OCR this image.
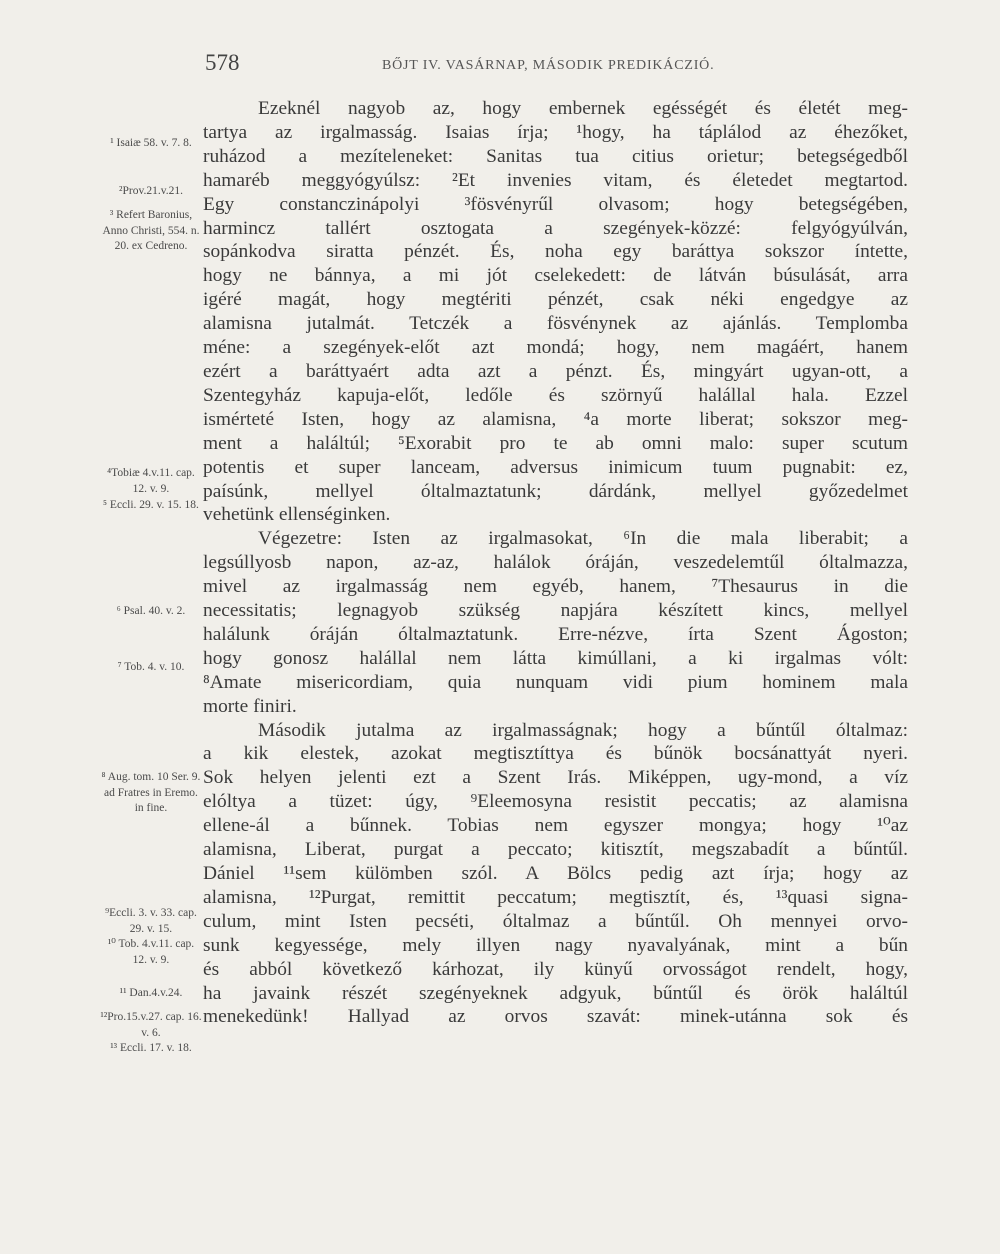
578	BŐJT IV. VASÁRNAP, MÁSODIK PREDIKÁCZIÓ.
¹ Isaiæ 58. v. 7. 8.
²Prov.21.v.21.
³ Refert Baronius, Anno Christi, 554. n. 20. ex Cedreno.
⁴Tobiæ 4.v.11. cap. 12. v. 9.
⁵ Eccli. 29. v. 15. 18.
⁶ Psal. 40. v. 2.
⁷ Tob. 4. v. 10.
⁸ Aug. tom. 10 Ser. 9. ad Fratres in Eremo. in fine.
⁹Eccli. 3. v. 33. cap. 29. v. 15.
¹⁰ Tob. 4.v.11. cap. 12. v. 9.
¹¹ Dan.4.v.24.
¹²Pro.15.v.27. cap. 16. v. 6.
¹³ Eccli. 17. v. 18.
Ezeknél nagyob az, hogy embernek egésségét és életét meg-
tartya az irgalmasság. Isaias írja; ¹hogy, ha táplálod az éhezőket,
ruházod a mezíteleneket: Sanitas tua citius orietur; betegségedből
hamaréb meggyógyúlsz: ²Et invenies vitam, és életedet megtartod.
Egy constanczinápolyi ³fösvényrűl olvasom; hogy betegségében,
harmincz tallért osztogata a szegények-közzé: felgyógyúlván,
sopánkodva siratta pénzét. És, noha egy baráttya sokszor íntette,
hogy ne bánnya, a mi jót cselekedett: de látván búsulását, arra
igéré magát, hogy megtériti pénzét, csak néki engedgye az
alamisna jutalmát. Tetczék a fösvénynek az ajánlás. Templomba
méne: a szegények-előt azt mondá; hogy, nem magáért, hanem
ezért a baráttyaért adta azt a pénzt. És, mingyárt ugyan-ott, a
Szentegyház kapuja-előt, ledőle és szörnyű halállal hala. Ezzel
ismérteté Isten, hogy az alamisna, ⁴a morte liberat; sokszor meg-
ment a haláltúl; ⁵Exorabit pro te ab omni malo: super scutum
potentis et super lanceam, adversus inimicum tuum pugnabit: ez,
paísúnk, mellyel óltalmaztatunk; dárdánk, mellyel győzedelmet
vehetünk ellenséginken.
Végezetre: Isten az irgalmasokat, ⁶In die mala liberabit; a
legsúllyosb napon, az-az, halálok óráján, veszedelemtűl óltalmazza,
mivel az irgalmasság nem egyéb, hanem, ⁷Thesaurus in die
necessitatis; legnagyob szükség napjára készített kincs, mellyel
halálunk óráján óltalmaztatunk. Erre-nézve, írta Szent Ágoston;
hogy gonosz halállal nem látta kimúllani, a ki irgalmas vólt:
⁸Amate misericordiam, quia nunquam vidi pium hominem mala
morte finiri.
Második jutalma az irgalmasságnak; hogy a bűntűl óltalmaz:
a kik elestek, azokat megtisztíttya és bűnök bocsánattyát nyeri.
Sok helyen jelenti ezt a Szent Irás. Miképpen, ugy-mond, a víz
elóltya a tüzet: úgy, ⁹Eleemosyna resistit peccatis; az alamisna
ellene-ál a bűnnek. Tobias nem egyszer mongya; hogy ¹⁰az
alamisna, Liberat, purgat a peccato; kitisztít, megszabadít a bűntűl.
Dániel ¹¹sem külömben szól. A Bölcs pedig azt írja; hogy az
alamisna, ¹²Purgat, remittit peccatum; megtisztít, és, ¹³quasi signa-
culum, mint Isten pecséti, óltalmaz a bűntűl. Oh mennyei orvo-
sunk kegyessége, mely illyen nagy nyavalyának, mint a bűn
és abból következő kárhozat, ily künyű orvosságot rendelt, hogy,
ha javaink részét szegényeknek adgyuk, bűntűl és örök haláltúl
menekedünk! Hallyad az orvos szavát: minek-utánna sok és
